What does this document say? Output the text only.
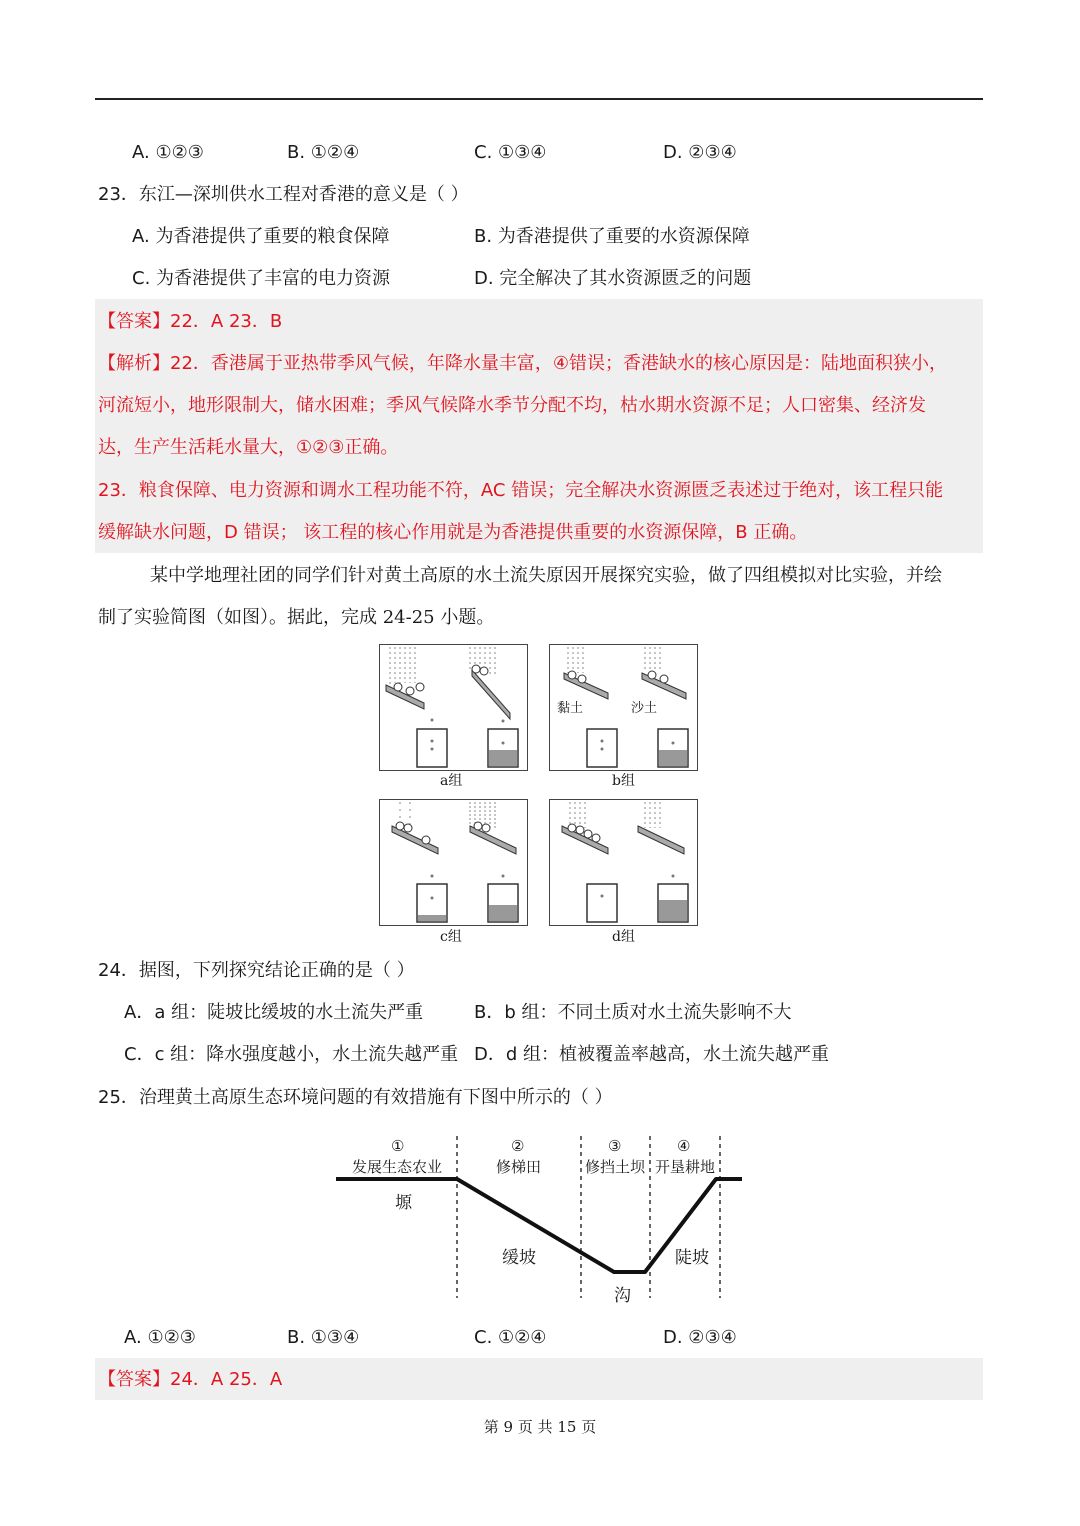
A. ①②③	B. ①②④	C. ①③④	D. ②③④
23．东江—深圳供水工程对香港的意义是（ ）
A. 为香港提供了重要的粮食保障	B. 为香港提供了重要的水资源保障
C. 为香港提供了丰富的电力资源	D. 完全解决了其水资源匮乏的问题
【答案】22．A 23．B
【解析】22．香港属于亚热带季风气候，年降水量丰富，④错误；香港缺水的核心原因是：陆地面积狭小，
河流短小，地形限制大，储水困难；季风气候降水季节分配不均，枯水期水资源不足；人口密集、经济发
达，生产生活耗水量大，①②③正确。
23．粮食保障、电力资源和调水工程功能不符，AC 错误；完全解决水资源匮乏表述过于绝对，该工程只能
缓解缺水问题，D 错误； 该工程的核心作用就是为香港提供重要的水资源保障，B 正确。
某中学地理社团的同学们针对黄土高原的水土流失原因开展探究实验，做了四组模拟对比实验，并绘
制了实验简图（如图）。据此，完成 24-25 小题。
a组
黏土	沙土
b组
c组	d组
24．据图，下列探究结论正确的是（ ）
A．a 组：陡坡比缓坡的水土流失严重	B．b 组：不同土质对水土流失影响不大
C．c 组：降水强度越小，水土流失越严重 D．d 组：植被覆盖率越高，水土流失越严重
25．治理黄土高原生态环境问题的有效措施有下图中所示的（ ）
①
发展生态农业
②
修梯田
③
修挡土坝
④
开垦耕地
塬
缓坡
沟
陡坡
A. ①②③	B. ①③④	C. ①②④	D. ②③④
【答案】24．A 25．A
第 9 页 共 15 页
